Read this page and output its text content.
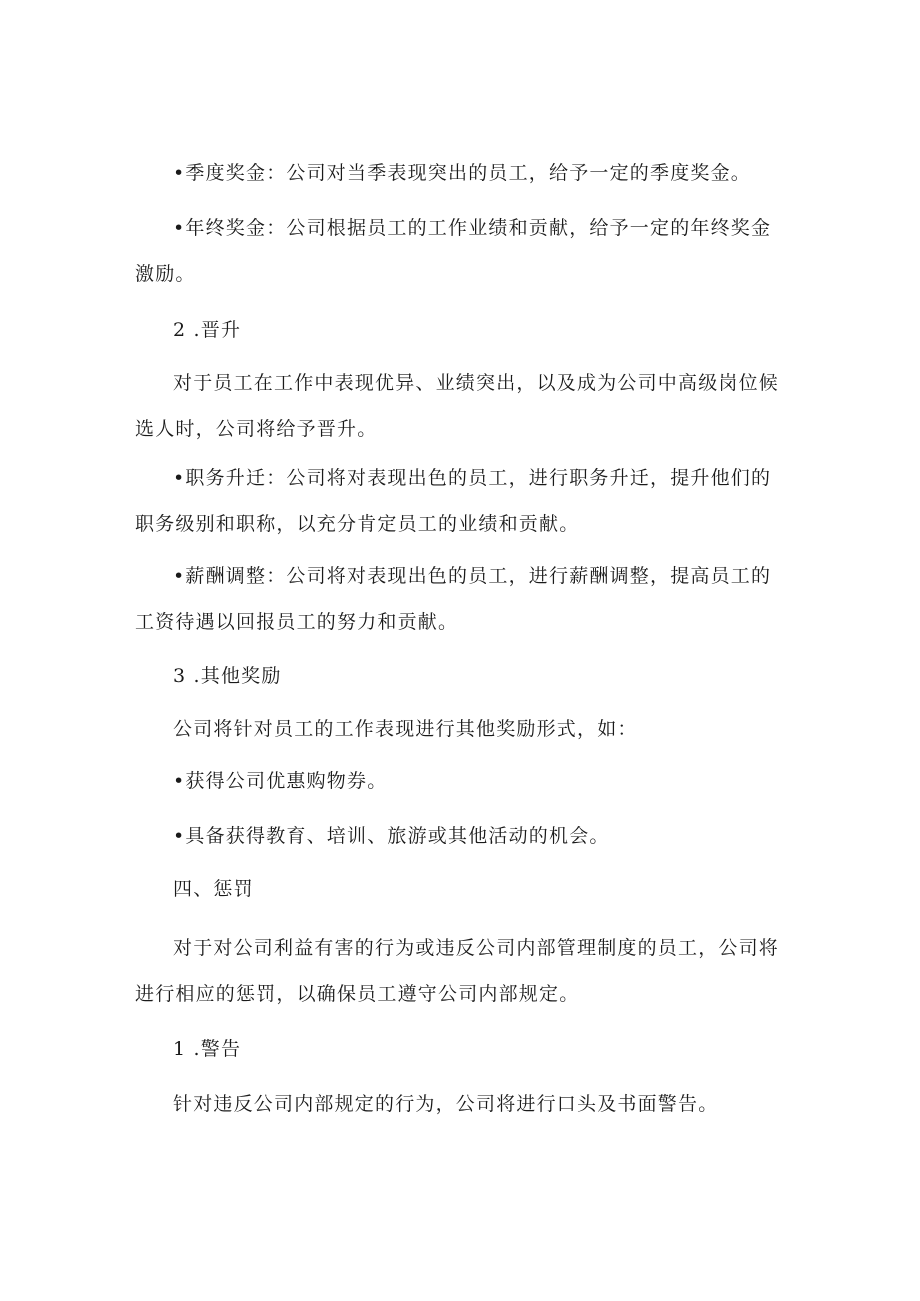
•季度奖金：公司对当季表现突出的员工，给予一定的季度奖金。
•年终奖金：公司根据员工的工作业绩和贡献，给予一定的年终奖金激励。
2 .晋升
对于员工在工作中表现优异、业绩突出，以及成为公司中高级岗位候选人时，公司将给予晋升。
•职务升迁：公司将对表现出色的员工，进行职务升迁，提升他们的职务级别和职称，以充分肯定员工的业绩和贡献。
•薪酬调整：公司将对表现出色的员工，进行薪酬调整，提高员工的工资待遇以回报员工的努力和贡献。
3 .其他奖励
公司将针对员工的工作表现进行其他奖励形式，如：
•获得公司优惠购物券。
•具备获得教育、培训、旅游或其他活动的机会。
四、惩罚
对于对公司利益有害的行为或违反公司内部管理制度的员工，公司将进行相应的惩罚，以确保员工遵守公司内部规定。
1 .警告
针对违反公司内部规定的行为，公司将进行口头及书面警告。
